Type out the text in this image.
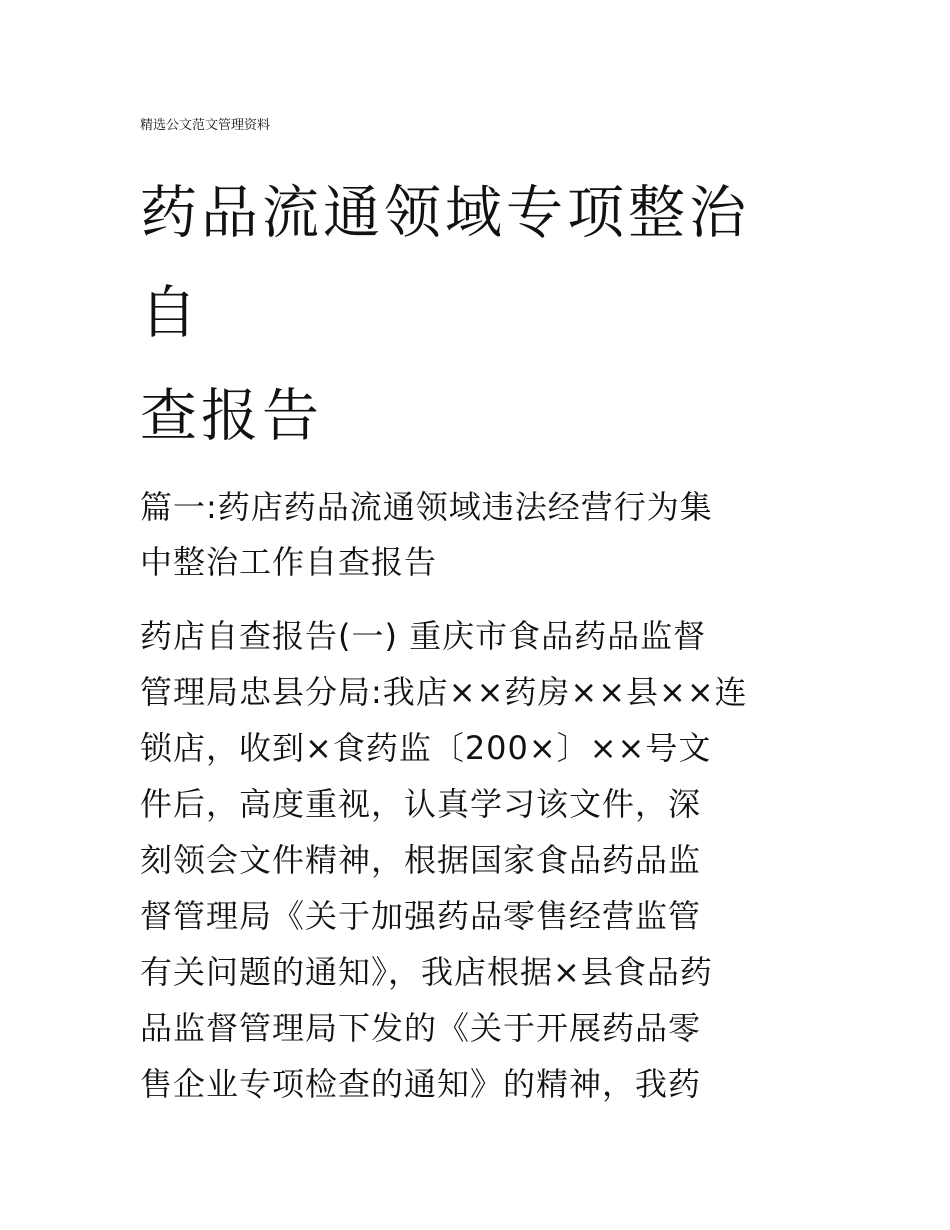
精选公文范文管理资料
药品流通领域专项整治
自
查报告
篇一:药店药品流通领域违法经营行为集
中整治工作自查报告
药店自查报告(一) 重庆市食品药品监督
管理局忠县分局:我店××药房××县××连
锁店，收到×食药监〔200×〕××号文
件后，高度重视，认真学习该文件，深
刻领会文件精神，根据国家食品药品监
督管理局《关于加强药品零售经营监管
有关问题的通知》，我店根据×县食品药
品监督管理局下发的《关于开展药品零
售企业专项检查的通知》的精神，我药
